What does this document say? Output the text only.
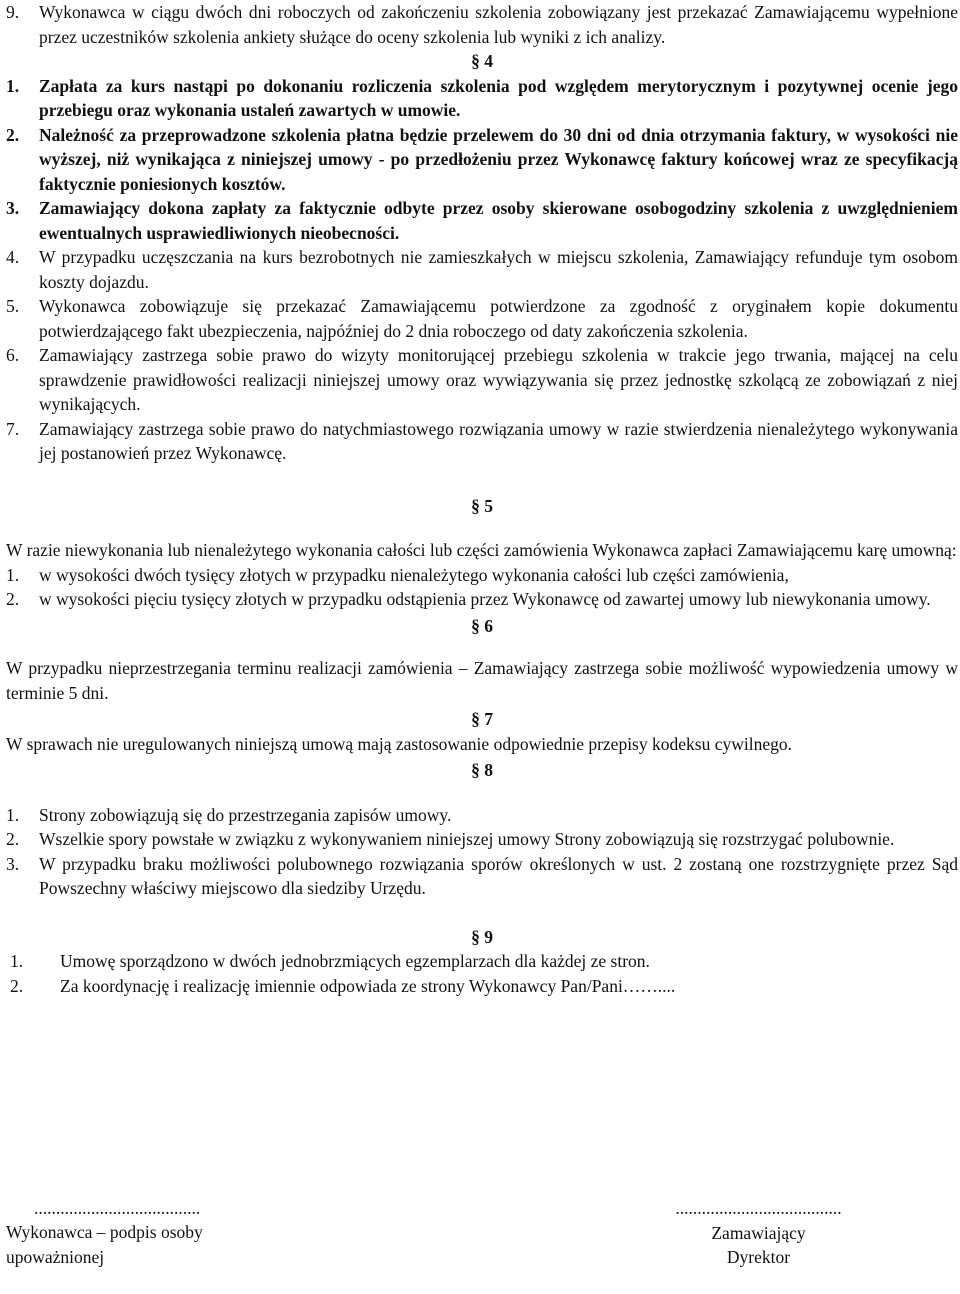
9. Wykonawca w ciągu dwóch dni roboczych od zakończeniu szkolenia zobowiązany jest przekazać Zamawiającemu wypełnione przez uczestników szkolenia ankiety służące do oceny szkolenia lub wyniki z ich analizy.
§ 4
1. Zapłata za kurs nastąpi po dokonaniu rozliczenia szkolenia pod względem merytorycznym i pozytywnej ocenie jego przebiegu oraz wykonania ustaleń zawartych w umowie.
2. Należność za przeprowadzone szkolenia płatna będzie przelewem do 30 dni od dnia otrzymania faktury, w wysokości nie wyższej, niż wynikająca z niniejszej umowy - po przedłożeniu przez Wykonawcę faktury końcowej wraz ze specyfikacją faktycznie poniesionych kosztów.
3. Zamawiający dokona zapłaty za faktycznie odbyte przez osoby skierowane osobogodziny szkolenia z uwzględnieniem ewentualnych usprawiedliwionych nieobecności.
4. W przypadku uczęszczania na kurs bezrobotnych nie zamieszkałych w miejscu szkolenia, Zamawiający refunduje tym osobom koszty dojazdu.
5. Wykonawca zobowiązuje się przekazać Zamawiającemu potwierdzone za zgodność z oryginałem kopie dokumentu potwierdzającego fakt ubezpieczenia, najpóźniej do 2 dnia roboczego od daty zakończenia szkolenia.
6. Zamawiający zastrzega sobie prawo do wizyty monitorującej przebiegu szkolenia w trakcie jego trwania, mającej na celu sprawdzenie prawidłowości realizacji niniejszej umowy oraz wywiązywania się przez jednostkę szkolącą ze zobowiązań z niej wynikających.
7. Zamawiający zastrzega sobie prawo do natychmiastowego rozwiązania umowy w razie stwierdzenia nienależytego wykonywania jej postanowień przez Wykonawcę.
§ 5
W razie niewykonania lub nienależytego wykonania całości lub części zamówienia Wykonawca zapłaci Zamawiającemu karę umowną:
1. w wysokości dwóch tysięcy złotych w przypadku nienależytego wykonania całości lub części zamówienia,
2. w wysokości pięciu tysięcy złotych w przypadku odstąpienia przez Wykonawcę od zawartej umowy lub niewykonania umowy.
§ 6
W przypadku nieprzestrzegania terminu realizacji zamówienia – Zamawiający zastrzega sobie możliwość wypowiedzenia umowy w terminie 5 dni.
§ 7
W sprawach nie uregulowanych niniejszą umową mają zastosowanie odpowiednie przepisy kodeksu cywilnego.
§ 8
1. Strony zobowiązują się do przestrzegania zapisów umowy.
2. Wszelkie spory powstałe w związku z wykonywaniem niniejszej umowy Strony zobowiązują się rozstrzygać polubownie.
3. W przypadku braku możliwości polubownego rozwiązania sporów określonych w ust. 2 zostaną one rozstrzygnięte przez Sąd Powszechny właściwy miejscowo dla siedziby Urzędu.
§ 9
1. Umowę sporządzono w dwóch jednobrzmiących egzemplarzach dla każdej ze stron.
2. Za koordynację i realizację imiennie odpowiada ze strony Wykonawcy Pan/Pani……....
......................................
Wykonawca – podpis osoby
upoważnionej
......................................
Zamawiający
Dyrektor
